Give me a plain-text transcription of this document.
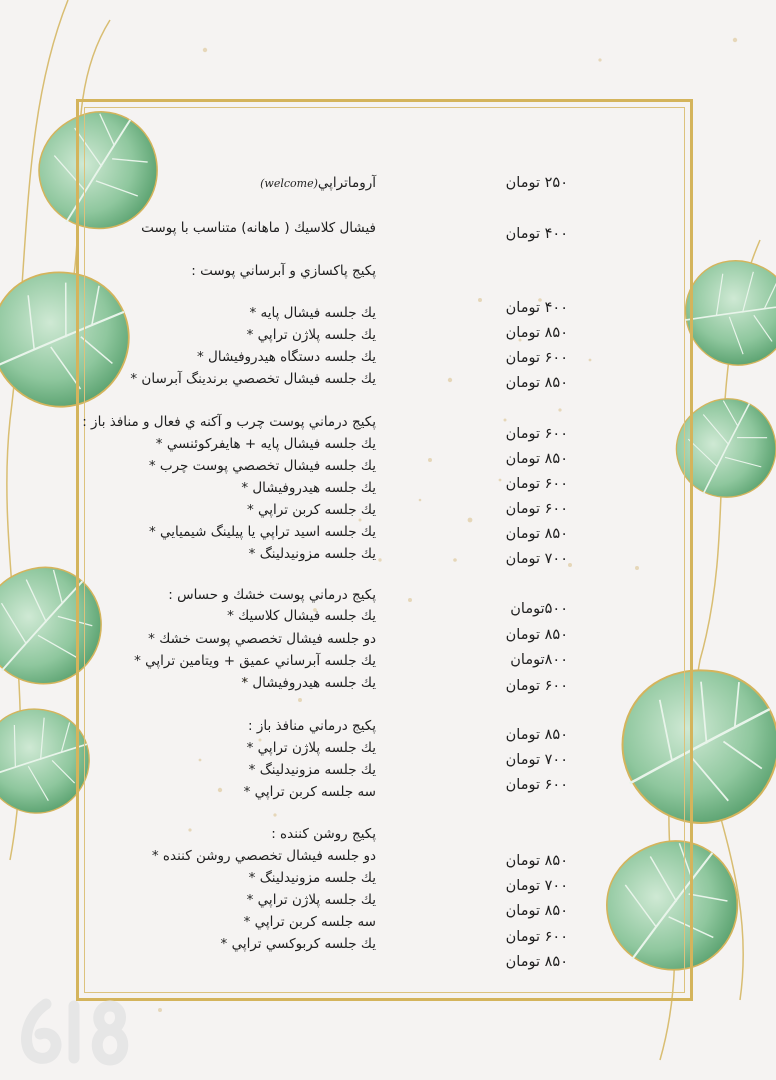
آروماتراپي(welcome)	۲۵۰ تومان
فيشال كلاسيك ( ماهانه) متناسب با پوست	۴۰۰ تومان
پكيج پاكسازي و آبرساني پوست :
يك جلسه فيشال پايه *
يك جلسه پلاژن تراپي *
يك جلسه دستگاه هيدروفيشال *
يك جلسه فيشال تخصصي برندينگ آبرسان *
۴۰۰ تومان
۸۵۰ تومان
۶۰۰ تومان
۸۵۰ تومان
پكيج درماني پوست چرب و آكنه ي فعال و منافذ باز :
يك جلسه فيشال پايه + هايفركوئنسي *
يك جلسه فيشال تخصصي پوست چرب *
يك جلسه هيدروفيشال *
يك جلسه كربن تراپي *
يك جلسه اسيد تراپي يا پيلينگ شيميايي *
يك جلسه مزونيدلينگ *
۶۰۰ تومان
۸۵۰ تومان
۶۰۰ تومان
۶۰۰ تومان
۸۵۰ تومان
۷۰۰ تومان
پكيج درماني پوست خشك و حساس :
يك جلسه فيشال كلاسيك *
دو جلسه فيشال تخصصي پوست خشك *
يك جلسه آبرساني عميق + ويتامين تراپي *
يك جلسه هيدروفيشال *
۵۰۰تومان
۸۵۰ تومان
۸۰۰تومان
۶۰۰ تومان
پكيج درماني منافذ باز :
يك جلسه پلاژن تراپي *
يك جلسه مزونيدلينگ *
سه جلسه كربن تراپي *
۸۵۰ تومان
۷۰۰ تومان
۶۰۰ تومان
پكيج روشن كننده :
دو جلسه فيشال تخصصي روشن كننده *
يك جلسه مزونيدلينگ *
يك جلسه پلاژن تراپي *
سه جلسه كربن تراپي *
يك جلسه كربوكسي تراپي *
۸۵۰ تومان
۷۰۰ تومان
۸۵۰ تومان
۶۰۰ تومان
۸۵۰ تومان
